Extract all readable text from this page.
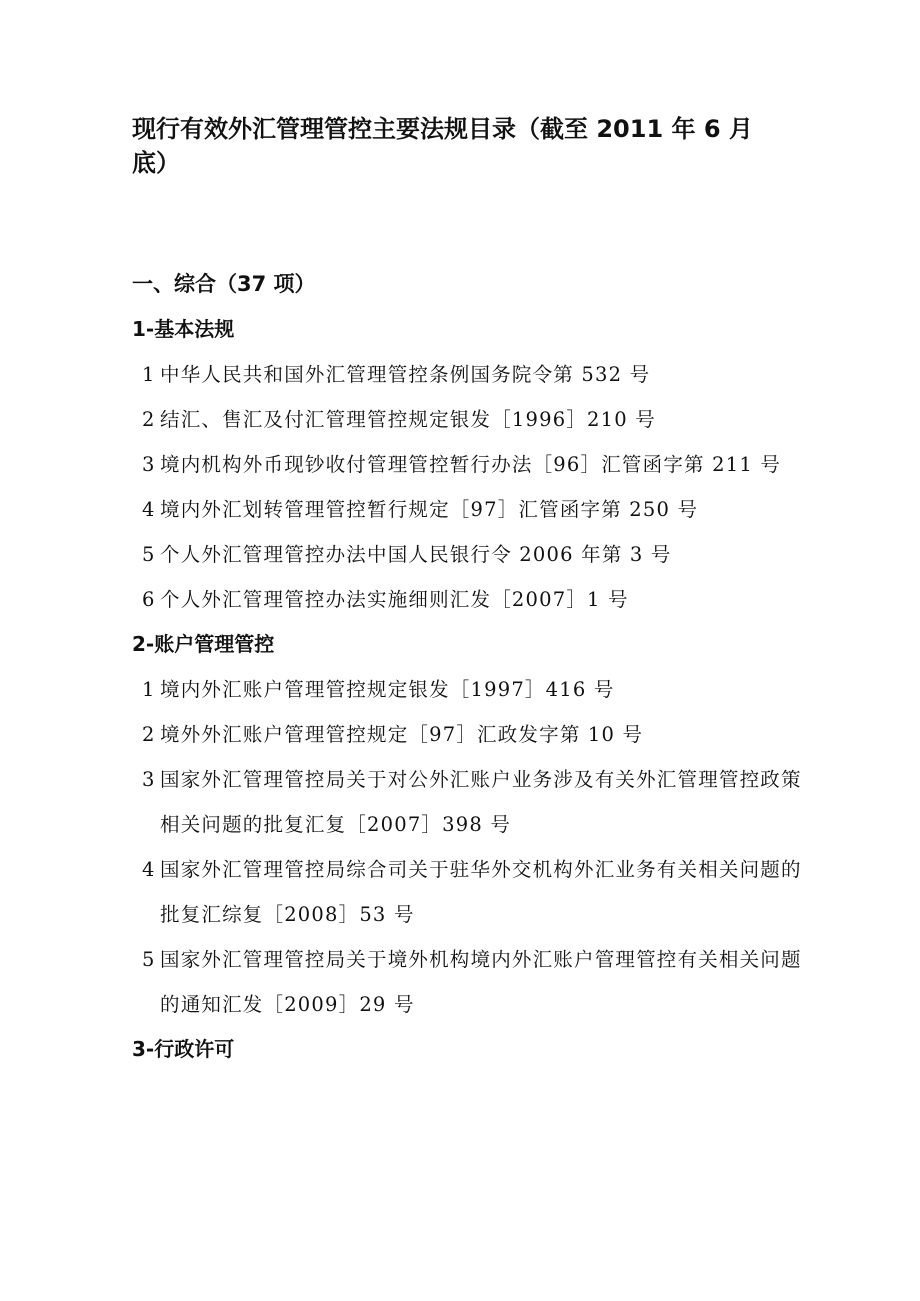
现行有效外汇管理管控主要法规目录（截至 2011 年 6 月底）
一、综合（37 项）
1-基本法规

1 中华人民共和国外汇管理管控条例国务院令第 532 号

2 结汇、售汇及付汇管理管控规定银发［1996］210 号

3 境内机构外币现钞收付管理管控暂行办法［96］汇管函字第 211 号

4 境内外汇划转管理管控暂行规定［97］汇管函字第 250 号

5 个人外汇管理管控办法中国人民银行令 2006 年第 3 号

6 个人外汇管理管控办法实施细则汇发［2007］1 号

2-账户管理管控

1 境内外汇账户管理管控规定银发［1997］416 号

2 境外外汇账户管理管控规定［97］汇政发字第 10 号

3 国家外汇管理管控局关于对公外汇账户业务涉及有关外汇管理管控政策相关问题的批复汇复［2007］398 号

4 国家外汇管理管控局综合司关于驻华外交机构外汇业务有关相关问题的批复汇综复［2008］53 号

5 国家外汇管理管控局关于境外机构境内外汇账户管理管控有关相关问题的通知汇发［2009］29 号

3-行政许可
